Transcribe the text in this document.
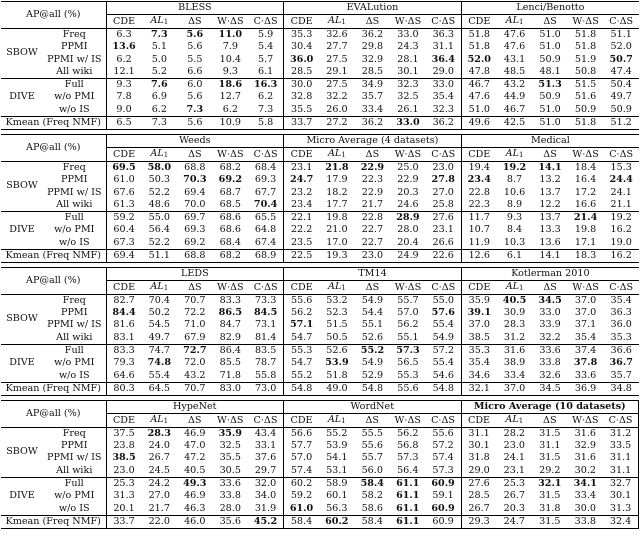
AP@all (%)		BLESS					EVALution					Lenci/Benotto				
		CDE	$AL_1$	ΔS	W·ΔS	C·ΔS	CDE	$AL_1$	ΔS	W·ΔS	C·ΔS	CDE	$AL_1$	ΔS	W·ΔS	C·ΔS
SBOW	Freq	6.3	7.3	5.6	11.0	5.9	35.3	32.6	36.2	33.0	36.3	51.8	47.6	51.0	51.8	51.1
	PPMI	13.6	5.1	5.6	7.9	5.4	30.4	27.7	29.8	24.3	31.1	51.8	47.6	51.0	51.8	52.0
	PPMI w/ IS	6.2	5.0	5.5	10.4	5.7	36.0	27.5	32.9	28.1	36.4	52.0	43.1	50.9	51.9	50.7
	All wiki	12.1	5.2	6.6	9.3	6.1	28.5	29.1	28.5	30.1	29.0	47.8	48.5	48.1	50.8	47.4
DIVE	Full	9.3	7.6	6.0	18.6	16.3	30.0	27.5	34.9	32.3	33.0	46.7	43.2	51.3	51.5	50.4
	w/o PMI	7.8	6.9	5.6	12.7	6.2	32.8	32.2	35.7	32.5	35.4	47.6	44.9	50.9	51.6	49.7
	w/o IS	9.0	6.2	7.3	6.2	7.3	35.5	26.0	33.4	26.1	32.3	51.0	46.7	51.0	50.9	50.9
Kmean (Freq NMF)		6.5	7.3	5.6	10.9	5.8	33.7	27.2	36.2	33.0	36.2	49.6	42.5	51.0	51.8	51.2
AP@all (%)		Weeds					Micro Average (4 datasets)					Medical				
		CDE	$AL_1$	ΔS	W·ΔS	C·ΔS	CDE	$AL_1$	ΔS	W·ΔS	C·ΔS	CDE	$AL_1$	ΔS	W·ΔS	C·ΔS
SBOW	Freq	69.5	58.0	68.8	68.2	68.4	23.1	21.8	22.9	25.0	23.0	19.4	19.2	14.1	18.4	15.3
	PPMI	61.0	50.3	70.3	69.2	69.3	24.7	17.9	22.3	22.9	27.8	23.4	8.7	13.2	16.4	24.4
	PPMI w/ IS	67.6	52.2	69.4	68.7	67.7	23.2	18.2	22.9	20.3	27.0	22.8	10.6	13.7	17.2	24.1
	All wiki	61.3	48.6	70.0	68.5	70.4	23.4	17.7	21.7	24.6	25.8	22.3	8.9	12.2	16.6	21.1
DIVE	Full	59.2	55.0	69.7	68.6	65.5	22.1	19.8	22.8	28.9	27.6	11.7	9.3	13.7	21.4	19.2
	w/o PMI	60.4	56.4	69.3	68.6	64.8	22.2	21.0	22.7	28.0	23.1	10.7	8.4	13.3	19.8	16.2
	w/o IS	67.3	52.2	69.2	68.4	67.4	23.5	17.0	22.7	20.4	26.6	11.9	10.3	13.6	17.1	19.0
Kmean (Freq NMF)		69.4	51.1	68.8	68.2	68.9	22.5	19.3	23.0	24.9	22.6	12.6	6.1	14.1	18.3	16.2
AP@all (%)		LEDS					TM14					Kotlerman 2010				
		CDE	$AL_1$	ΔS	W·ΔS	C·ΔS	CDE	$AL_1$	ΔS	W·ΔS	C·ΔS	CDE	$AL_1$	ΔS	W·ΔS	C·ΔS
SBOW	Freq	82.7	70.4	70.7	83.3	73.3	55.6	53.2	54.9	55.7	55.0	35.9	40.5	34.5	37.0	35.4
	PPMI	84.4	50.2	72.2	86.5	84.5	56.2	52.3	54.4	57.0	57.6	39.1	30.9	33.0	37.0	36.3
	PPMI w/ IS	81.6	54.5	71.0	84.7	73.1	57.1	51.5	55.1	56.2	55.4	37.0	28.3	33.9	37.1	36.0
	All wiki	83.1	49.7	67.9	82.9	81.4	54.7	50.5	52.6	55.1	54.9	38.5	31.2	32.2	35.4	35.3
DIVE	Full	83.3	74.7	72.7	86.4	83.5	55.3	52.6	55.2	57.3	57.2	35.3	31.6	33.6	37.4	36.6
	w/o PMI	79.3	74.8	72.0	85.5	78.7	54.7	53.9	54.9	56.5	55.4	35.4	38.9	33.8	37.8	36.7
	w/o IS	64.6	55.4	43.2	71.8	55.8	55.2	51.8	52.9	55.3	54.6	34.6	33.4	32.6	33.6	35.7
Kmean (Freq NMF)		80.3	64.5	70.7	83.0	73.0	54.8	49.0	54.8	55.6	54.8	32.1	37.0	34.5	36.9	34.8
AP@all (%)		HypeNet					WordNet					Micro Average (10 datasets)				
		CDE	$AL_1$	ΔS	W·ΔS	C·ΔS	CDE	$AL_1$	ΔS	W·ΔS	C·ΔS	CDE	$AL_1$	ΔS	W·ΔS	C·ΔS
SBOW	Freq	37.5	28.3	46.9	35.9	43.4	56.6	55.2	55.5	56.2	55.6	31.1	28.2	31.5	31.6	31.2
	PPMI	23.8	24.0	47.0	32.5	33.1	57.7	53.9	55.6	56.8	57.2	30.1	23.0	31.1	32.9	33.5
	PPMI w/ IS	38.5	26.7	47.2	35.5	37.6	57.0	54.1	55.7	57.3	57.4	31.8	24.1	31.5	31.6	31.1
	All wiki	23.0	24.5	40.5	30.5	29.7	57.4	53.1	56.0	56.4	57.3	29.0	23.1	29.2	30.2	31.1
DIVE	Full	25.3	24.2	49.3	33.6	32.0	60.2	58.9	58.4	61.1	60.9	27.6	25.3	32.1	34.1	32.7
	w/o PMI	31.3	27.0	46.9	33.8	34.0	59.2	60.1	58.2	61.1	59.1	28.5	26.7	31.5	33.4	30.1
	w/o IS	20.1	21.7	46.3	28.0	31.9	61.0	56.3	58.6	61.1	60.9	26.7	20.3	31.8	30.0	31.3
Kmean (Freq NMF)		33.7	22.0	46.0	35.6	45.2	58.4	60.2	58.4	61.1	60.9	29.3	24.7	31.5	33.8	32.4
